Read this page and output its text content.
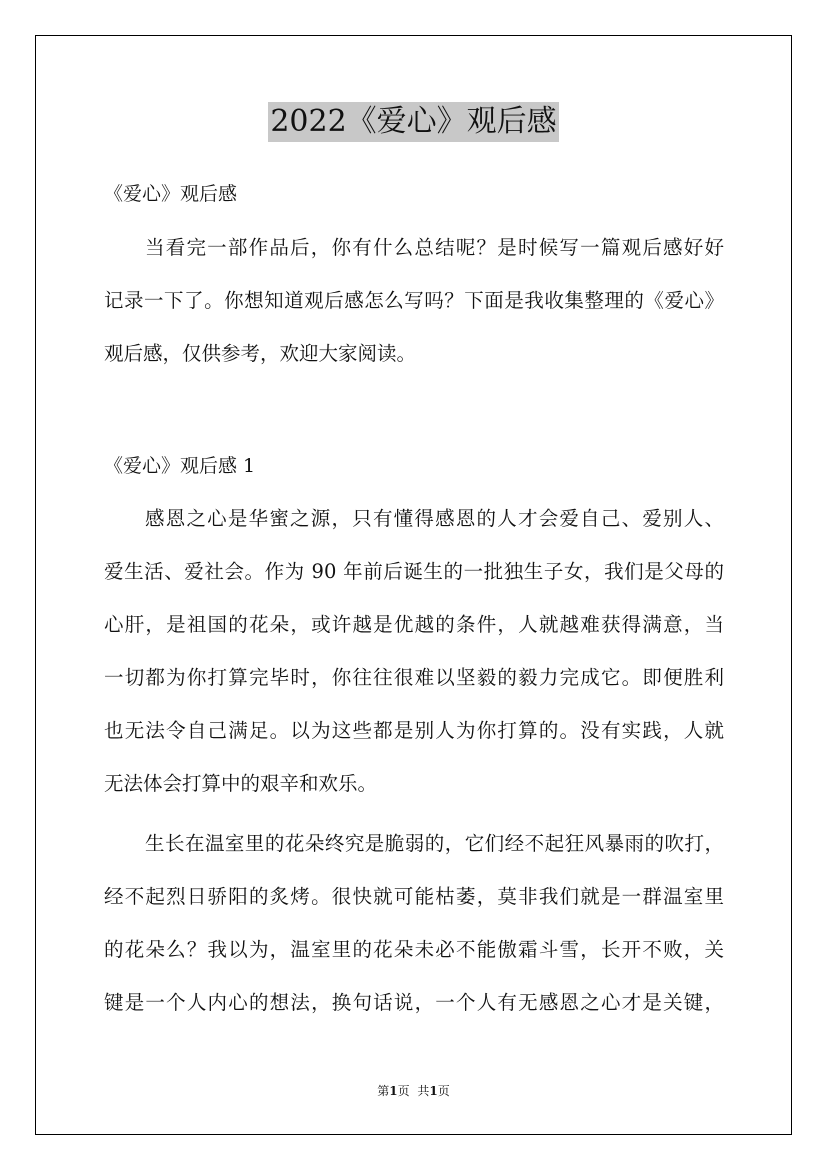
2022《爱心》观后感
《爱心》观后感
当看完一部作品后，你有什么总结呢？是时候写一篇观后感好好
记录一下了。你想知道观后感怎么写吗？下面是我收集整理的《爱心》
观后感，仅供参考，欢迎大家阅读。
《爱心》观后感 1
感恩之心是华蜜之源，只有懂得感恩的人才会爱自己、爱别人、
爱生活、爱社会。作为 90 年前后诞生的一批独生子女，我们是父母的
心肝，是祖国的花朵，或许越是优越的条件，人就越难获得满意，当
一切都为你打算完毕时，你往往很难以坚毅的毅力完成它。即便胜利
也无法令自己满足。以为这些都是别人为你打算的。没有实践，人就
无法体会打算中的艰辛和欢乐。
生长在温室里的花朵终究是脆弱的，它们经不起狂风暴雨的吹打，
经不起烈日骄阳的炙烤。很快就可能枯萎，莫非我们就是一群温室里
的花朵么？我以为，温室里的花朵未必不能傲霜斗雪，长开不败，关
键是一个人内心的想法，换句话说，一个人有无感恩之心才是关键，
第1页 共1页
